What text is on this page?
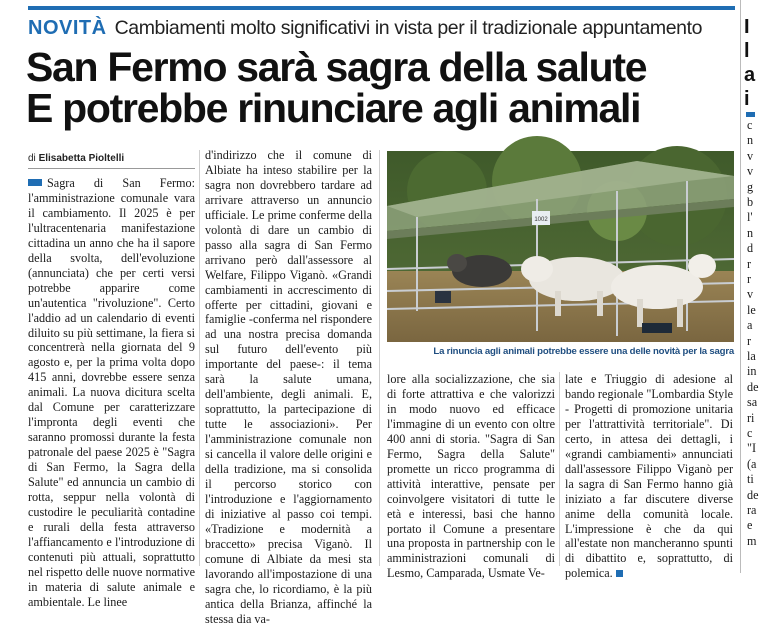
NOVITÀ Cambiamenti molto significativi in vista per il tradizionale appuntamento
San Fermo sarà sagra della salute
E potrebbe rinunciare agli animali
di Elisabetta Pioltelli
Sagra di San Fermo: l'amministrazione comunale vara il cambiamento. Il 2025 è per l'ultracentenaria manifestazione cittadina un anno che ha il sapore della svolta, dell'evoluzione (annunciata) che per certi versi potrebbe apparire come un'autentica "rivoluzione". Certo l'addio ad un calendario di eventi diluito su più settimane, la fiera si concentrerà nella giornata del 9 agosto e, per la prima volta dopo 415 anni, dovrebbe essere senza animali. La nuova dicitura scelta dal Comune per caratterizzare l'impronta degli eventi che saranno promossi durante la festa patronale del paese 2025 è "Sagra di San Fermo, la Sagra della Salute" ed annuncia un cambio di rotta, seppur nella volontà di custodire le peculiarità contadine e rurali della festa attraverso l'affiancamento e l'introduzione di contenuti più attuali, soprattutto nel rispetto delle nuove normative in materia di salute animale e ambientale. Le linee
d'indirizzo che il comune di Albiate ha inteso stabilire per la sagra non dovrebbero tardare ad arrivare attraverso un annuncio ufficiale. Le prime conferme della volontà di dare un cambio di passo alla sagra di San Fermo arrivano però dall'assessore al Welfare, Filippo Viganò. «Grandi cambiamenti in accrescimento di offerte per cittadini, giovani e famiglie -conferma nel rispondere ad una nostra precisa domanda sul futuro dell'evento più importante del paese-: il tema sarà la salute umana, dell'ambiente, degli animali. E, soprattutto, la partecipazione di tutte le associazioni». Per l'amministrazione comunale non si cancella il valore delle origini e della tradizione, ma si consolida il percorso storico con l'introduzione e l'aggiornamento di iniziative al passo coi tempi. «Tradizione e modernità a braccetto» precisa Viganò. Il comune di Albiate da mesi sta lavorando all'impostazione di una sagra che, lo ricordiamo, è la più antica della Brianza, affinché la stessa dia va-
1002
La rinuncia agli animali potrebbe essere una delle novità per la sagra
lore alla socializzazione, che sia di forte attrattiva e che valorizzi in modo nuovo ed efficace l'immagine di un evento con oltre 400 anni di storia. "Sagra di San Fermo, Sagra della Salute" promette un ricco programma di attività interattive, pensate per coinvolgere visitatori di tutte le età e interessi, basi che hanno portato il Comune a presentare una proposta in partnership con le amministrazioni comunali di Lesmo, Camparada, Usmate Ve-
late e Triuggio di adesione al bando regionale "Lombardia Style - Progetti di promozione unitaria per l'attrattività territoriale". Di certo, in attesa dei dettagli, i «grandi cambiamenti» annunciati dall'assessore Filippo Viganò per la sagra di San Fermo hanno già iniziato a far discutere diverse anime della comunità locale. L'impressione è che da qui all'estate non mancheranno spunti di dibattito e, soprattutto, di polemica.
I
l
a
i
c
n
v
v
g
b
l'
n
d
r
r
v
le
a
r
la
in
de
sa
ri
c
"I
(a
ti
de
ra
e
m
